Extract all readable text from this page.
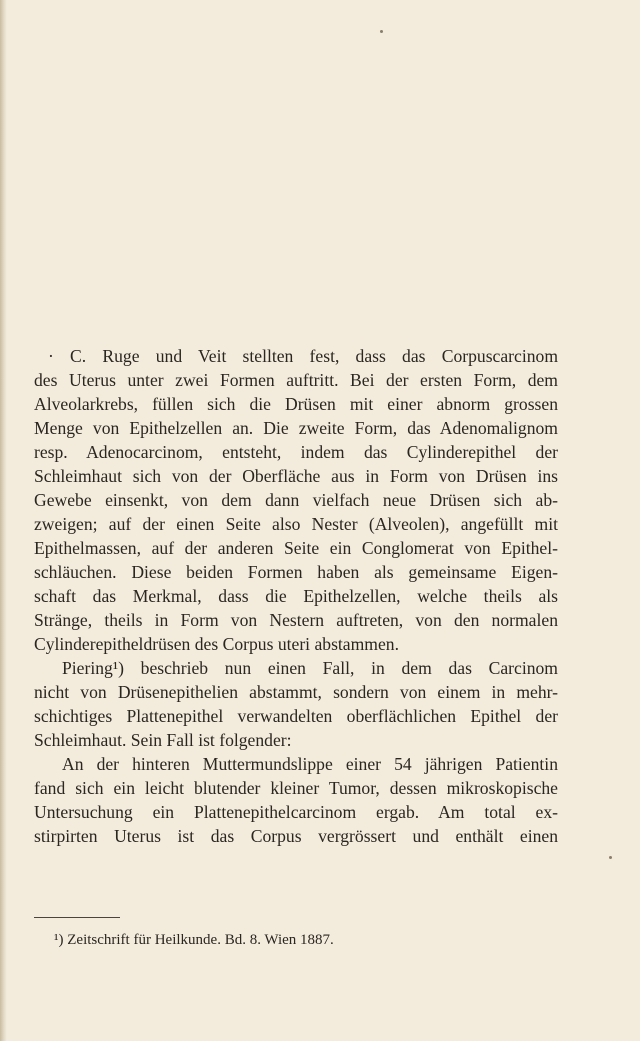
· C. Ruge und Veit stellten fest, dass das Corpuscarcinom
des Uterus unter zwei Formen auftritt. Bei der ersten Form, dem
Alveolarkrebs, füllen sich die Drüsen mit einer abnorm grossen
Menge von Epithelzellen an. Die zweite Form, das Adenomalignom
resp. Adenocarcinom, entsteht, indem das Cylinderepithel der
Schleimhaut sich von der Oberfläche aus in Form von Drüsen ins
Gewebe einsenkt, von dem dann vielfach neue Drüsen sich ab-
zweigen; auf der einen Seite also Nester (Alveolen), angefüllt mit
Epithelmassen, auf der anderen Seite ein Conglomerat von Epithel-
schläuchen. Diese beiden Formen haben als gemeinsame Eigen-
schaft das Merkmal, dass die Epithelzellen, welche theils als
Stränge, theils in Form von Nestern auftreten, von den normalen
Cylinderepitheldrüsen des Corpus uteri abstammen.
Piering¹) beschrieb nun einen Fall, in dem das Carcinom
nicht von Drüsenepithelien abstammt, sondern von einem in mehr-
schichtiges Plattenepithel verwandelten oberflächlichen Epithel der
Schleimhaut. Sein Fall ist folgender:
An der hinteren Muttermundslippe einer 54 jährigen Patientin
fand sich ein leicht blutender kleiner Tumor, dessen mikroskopische
Untersuchung ein Plattenepithelcarcinom ergab. Am total ex-
stirpirten Uterus ist das Corpus vergrössert und enthält einen
¹) Zeitschrift für Heilkunde. Bd. 8. Wien 1887.
